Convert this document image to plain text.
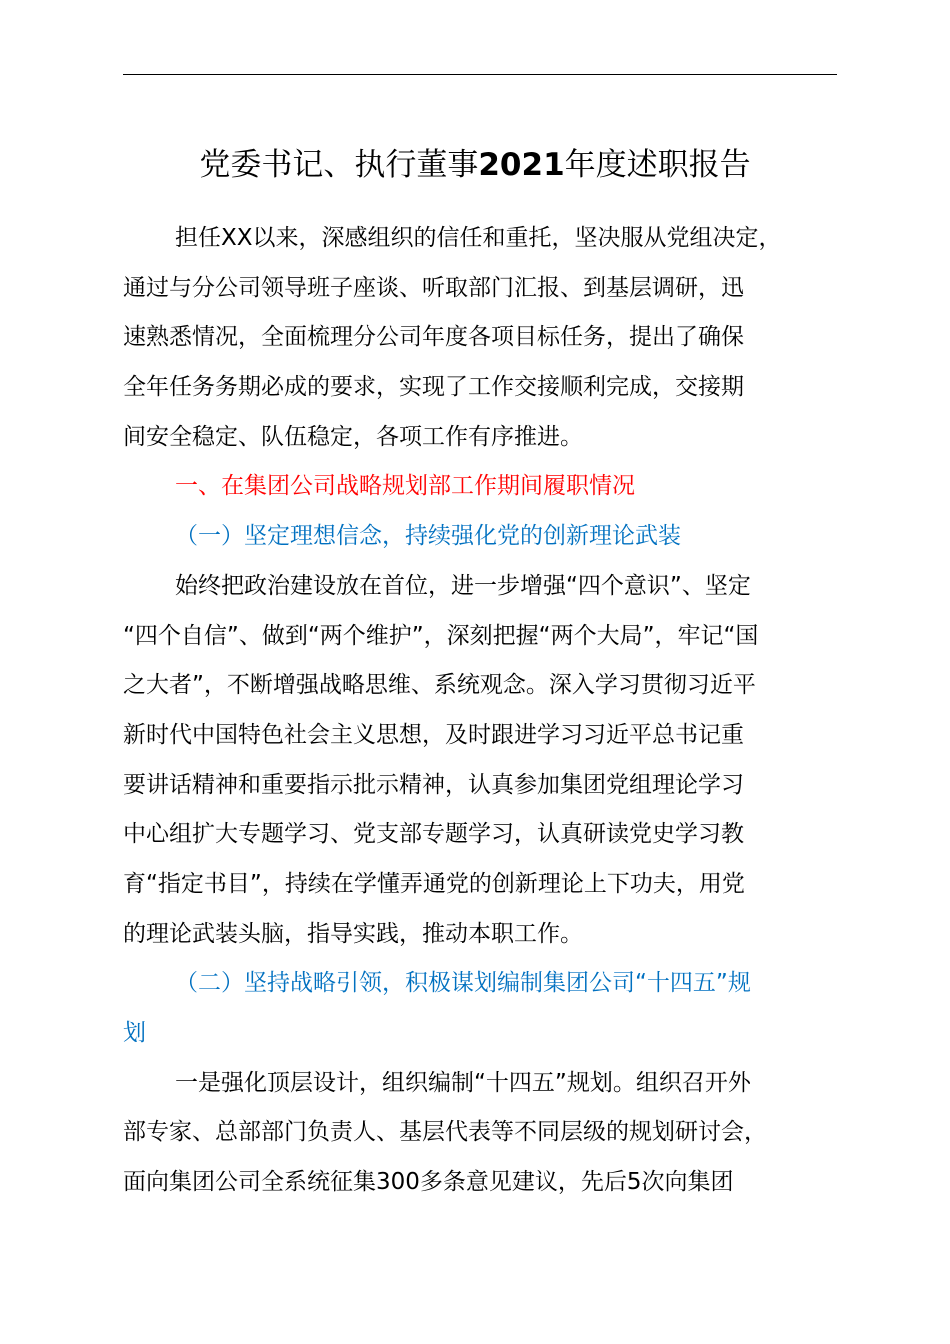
党委书记、执行董事2021年度述职报告
担任XX以来，深感组织的信任和重托，坚决服从党组决定，
通过与分公司领导班子座谈、听取部门汇报、到基层调研，迅
速熟悉情况，全面梳理分公司年度各项目标任务，提出了确保
全年任务务期必成的要求，实现了工作交接顺利完成，交接期
间安全稳定、队伍稳定，各项工作有序推进。
一、在集团公司战略规划部工作期间履职情况
（一）坚定理想信念，持续强化党的创新理论武装
始终把政治建设放在首位，进一步增强“四个意识”、坚定
“四个自信”、做到“两个维护”，深刻把握“两个大局”，牢记“国
之大者”，不断增强战略思维、系统观念。深入学习贯彻习近平
新时代中国特色社会主义思想，及时跟进学习习近平总书记重
要讲话精神和重要指示批示精神，认真参加集团党组理论学习
中心组扩大专题学习、党支部专题学习，认真研读党史学习教
育“指定书目”，持续在学懂弄通党的创新理论上下功夫，用党
的理论武装头脑，指导实践，推动本职工作。
（二）坚持战略引领，积极谋划编制集团公司“十四五”规
划
一是强化顶层设计，组织编制“十四五”规划。组织召开外
部专家、总部部门负责人、基层代表等不同层级的规划研讨会，
面向集团公司全系统征集300多条意见建议，先后5次向集团
